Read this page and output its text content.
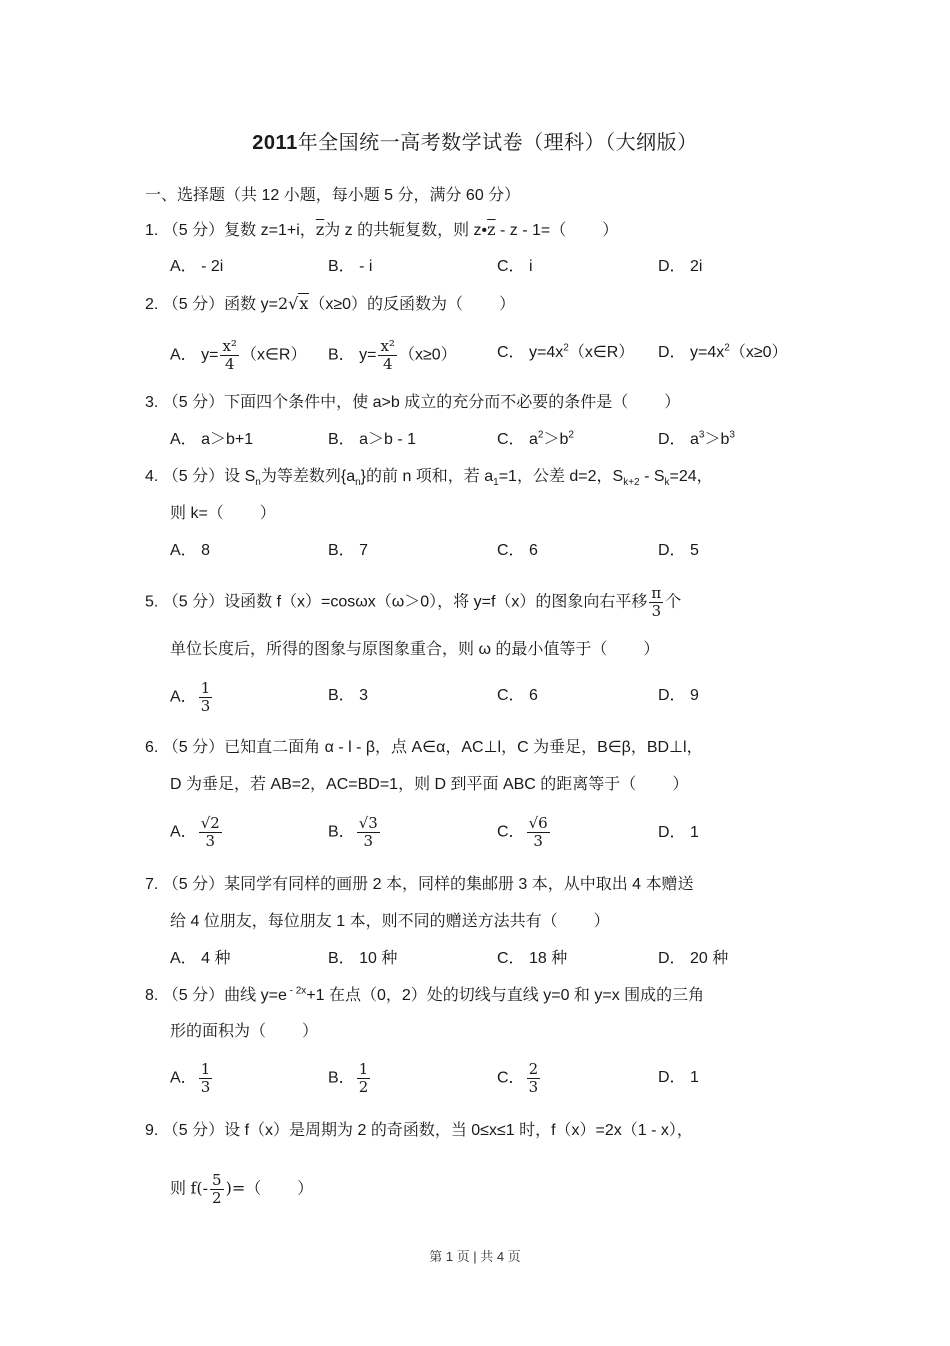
2011年全国统一高考数学试卷（理科）（大纲版）
一、选择题（共 12 小题，每小题 5 分，满分 60 分）
1. （5 分）复数 z=1+i，$\overline{z}$为 z 的共轭复数，则 $z•\overline{z} - z - 1=$（ ）
A． - 2i	B． - i	C． i	D． 2i
2. （5 分）函数 y=2√x（x≥0）的反函数为（ ）
A． $y= \frac{\text{x²}}{4}$ （x∈R） B． $y= \frac{\text{x²}}{4} (x\ge 0)$	C． $y=4x^2(x\in R)$ D． $y=4x^2(x\ge 0)$
3. （5 分）下面四个条件中，使 a>b 成立的充分而不必要的条件是（ ）
A． a＞b+1	B． a＞b - 1	C． $a^2>b^2$	D． $a^3>b^3$
4. （5 分）设 $S_n$为等差数列$\{a_n\}$的前 n 项和，若 $a_1=1$，公差 d=2，$S_{k+2} - S_k=24$，
则 k=（ ）
A． 8	B． 7	C． 6	D． 5
5. （5 分）设函数 f（x）=cosωx（ω＞0），将 y=f（x）的图象向右平移 $\frac{\pi}{3}$ 个
单位长度后，所得的图象与原图象重合，则 ω 的最小值等于（ ）
A． $\frac{1}{3}$	B． 3	C． 6	D． 9
6. （5 分）已知直二面角 α - l - β，点 A∈α，AC⊥l，C 为垂足，B∈β，BD⊥l，
D 为垂足，若 AB=2，AC=BD=1，则 D 到平面 ABC 的距离等于（ ）
A． $\frac{√2}{3}$	B． $\frac{√3}{3}$	C． $\frac{√6}{3}$	D． 1
7. （5 分）某同学有同样的画册 2 本，同样的集邮册 3 本，从中取出 4 本赠送
给 4 位朋友，每位朋友 1 本，则不同的赠送方法共有（ ）
A． 4 种	B． 10 种	C． 18 种	D． 20 种
8. （5 分）曲线 y=e $^{- 2x}$+1 在点（0，2）处的切线与直线 y=0 和 y=x 围成的三角
形的面积为（ ）
A． $\frac{1}{3}$	B． $\frac{1}{2}$	C． $\frac{2}{3}$	D． 1
9. （5 分）设 f（x）是周期为 2 的奇函数，当 0≤x≤1 时，f（x）=2x（1 - x），
则 $f(- \frac{5}{2}$ )=（ ）
第 1 页 | 共 4 页
